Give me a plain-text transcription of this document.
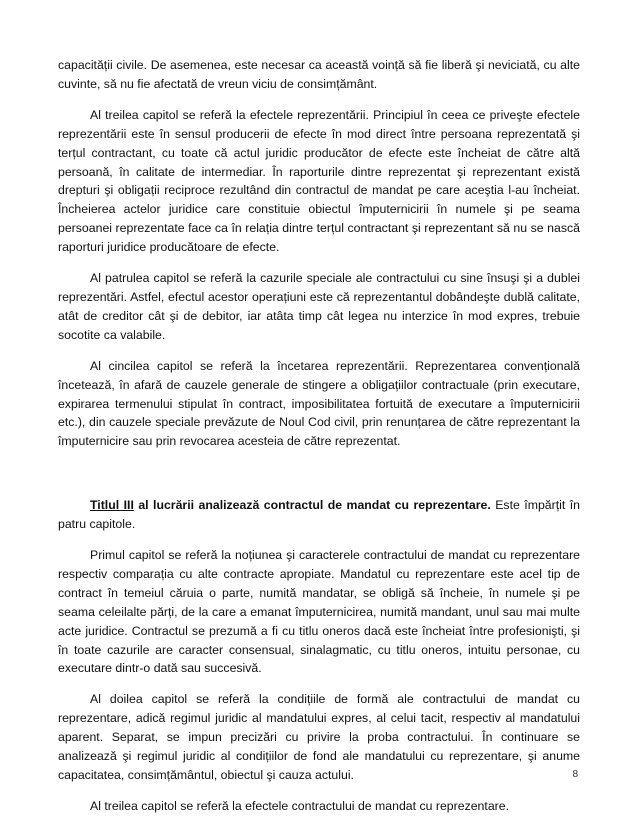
capacității civile. De asemenea, este necesar ca această voință să fie liberă şi neviciată, cu alte cuvinte, să nu fie afectată de vreun viciu de consimțământ.

Al treilea capitol se referă la efectele reprezentării. Principiul în ceea ce priveşte efectele reprezentării este în sensul producerii de efecte în mod direct între persoana reprezentată şi terțul contractant, cu toate că actul juridic producător de efecte este încheiat de către altă persoană, în calitate de intermediar. În raporturile dintre reprezentat şi reprezentant există drepturi şi obligații reciproce rezultând din contractul de mandat pe care aceştia l-au încheiat. Încheierea actelor juridice care constituie obiectul împuternicirii în numele şi pe seama persoanei reprezentate face ca în relația dintre terțul contractant şi reprezentant să nu se nască raporturi juridice producătoare de efecte.

Al patrulea capitol se referă la cazurile speciale ale contractului cu sine însuşi şi a dublei reprezentări. Astfel, efectul acestor operațiuni este că reprezentantul dobândeşte dublă calitate, atât de creditor cât şi de debitor, iar atâta timp cât legea nu interzice în mod expres, trebuie socotite ca valabile.

Al cincilea capitol se referă la încetarea reprezentării. Reprezentarea convențională încetează, în afară de cauzele generale de stingere a obligațiilor contractuale (prin executare, expirarea termenului stipulat în contract, imposibilitatea fortuită de executare a împuternicirii etc.), din cauzele speciale prevăzute de Noul Cod civil, prin renunțarea de către reprezentant la împuternicire sau prin revocarea acesteia de către reprezentat.

Titlul III al lucrării analizează contractul de mandat cu reprezentare. Este împărțit în patru capitole.

Primul capitol se referă la noțiunea şi caracterele contractului de mandat cu reprezentare respectiv comparația cu alte contracte apropiate. Mandatul cu reprezentare este acel tip de contract în temeiul căruia o parte, numită mandatar, se obligă să încheie, în numele şi pe seama celeilalte părți, de la care a emanat împuternicirea, numită mandant, unul sau mai multe acte juridice. Contractul se prezumă a fi cu titlu oneros dacă este încheiat între profesionişti, şi în toate cazurile are caracter consensual, sinalagmatic, cu titlu oneros, intuitu personae, cu executare dintr-o dată sau succesivă.

Al doilea capitol se referă la condițiile de formă ale contractului de mandat cu reprezentare, adică regimul juridic al mandatului expres, al celui tacit, respectiv al mandatului aparent. Separat, se impun precizări cu privire la proba contractului. În continuare se analizează şi regimul juridic al condițiilor de fond ale mandatului cu reprezentare, şi anume capacitatea, consimțământul, obiectul şi cauza actului.

Al treilea capitol se referă la efectele contractului de mandat cu reprezentare.

8
